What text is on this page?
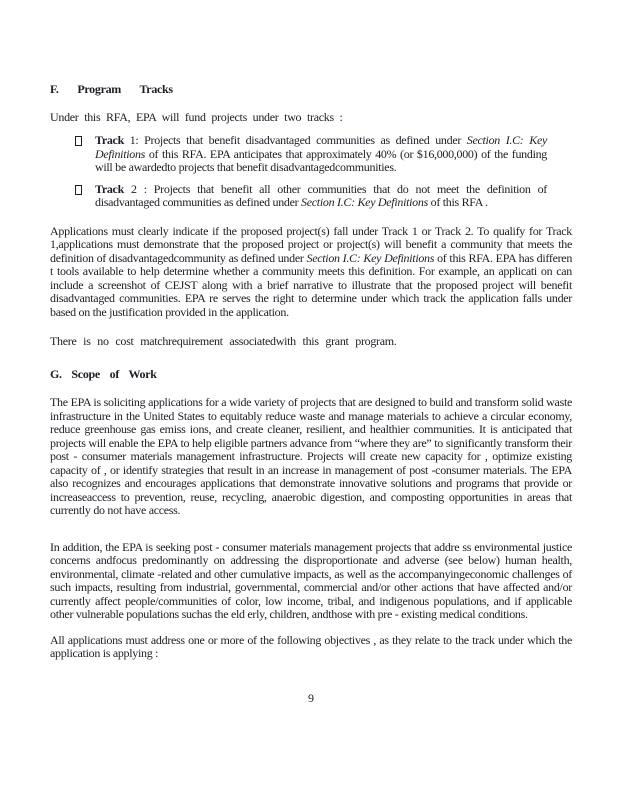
F. Program Tracks

Under this RFA, EPA will fund projects under two tracks :

Track 1: Projects that benefit disadvantaged communities as defined under Section I.C: Key Definitions of this RFA. EPA anticipates that approximately 40% (or $16,000,000) of the funding will be awardedto projects that benefit disadvantagedcommunities.
Track 2 : Projects that benefit all other communities that do not meet the definition of disadvantaged communities as defined under Section I.C: Key Definitions of this RFA .

Applications must clearly indicate if the proposed project(s) fall under Track 1 or Track 2. To qualify for Track 1,applications must demonstrate that the proposed project or project(s) will benefit a community that meets the definition of disadvantagedcommunity as defined under Section I.C: Key Definitions of this RFA. EPA has differen t tools available to help determine whether a community meets this definition. For example, an applicati on can include a screenshot of CEJST along with a brief narrative to illustrate that the proposed project will benefit disadvantaged communities. EPA re serves the right to determine under which track the application falls under based on the justification provided in the application.

There is no cost matchrequirement associatedwith this grant program.

G. Scope of Work

The EPA is soliciting applications for a wide variety of projects that are designed to build and transform solid waste infrastructure in the United States to equitably reduce waste and manage materials to achieve a circular economy, reduce greenhouse gas emiss ions, and create cleaner, resilient, and healthier communities. It is anticipated that projects will enable the EPA to help eligible partners advance from “where they are” to significantly transform their post - consumer materials management infrastructure. Projects will create new capacity for , optimize existing capacity of , or identify strategies that result in an increase in management of post -consumer materials. The EPA also recognizes and encourages applications that demonstrate innovative solutions and programs that provide or increaseaccess to prevention, reuse, recycling, anaerobic digestion, and composting opportunities in areas that currently do not have access.

In addition, the EPA is seeking post - consumer materials management projects that addre ss environmental justice concerns andfocus predominantly on addressing the disproportionate and adverse (see below) human health, environmental, climate -related and other cumulative impacts, as well as the accompanyingeconomic challenges of such impacts, resulting from industrial, governmental, commercial and/or other actions that have affected and/or currently affect people/communities of color, low income, tribal, and indigenous populations, and if applicable other vulnerable populations suchas the eld erly, children, andthose with pre - existing medical conditions.

All applications must address one or more of the following objectives , as they relate to the track under which the application is applying :

9
